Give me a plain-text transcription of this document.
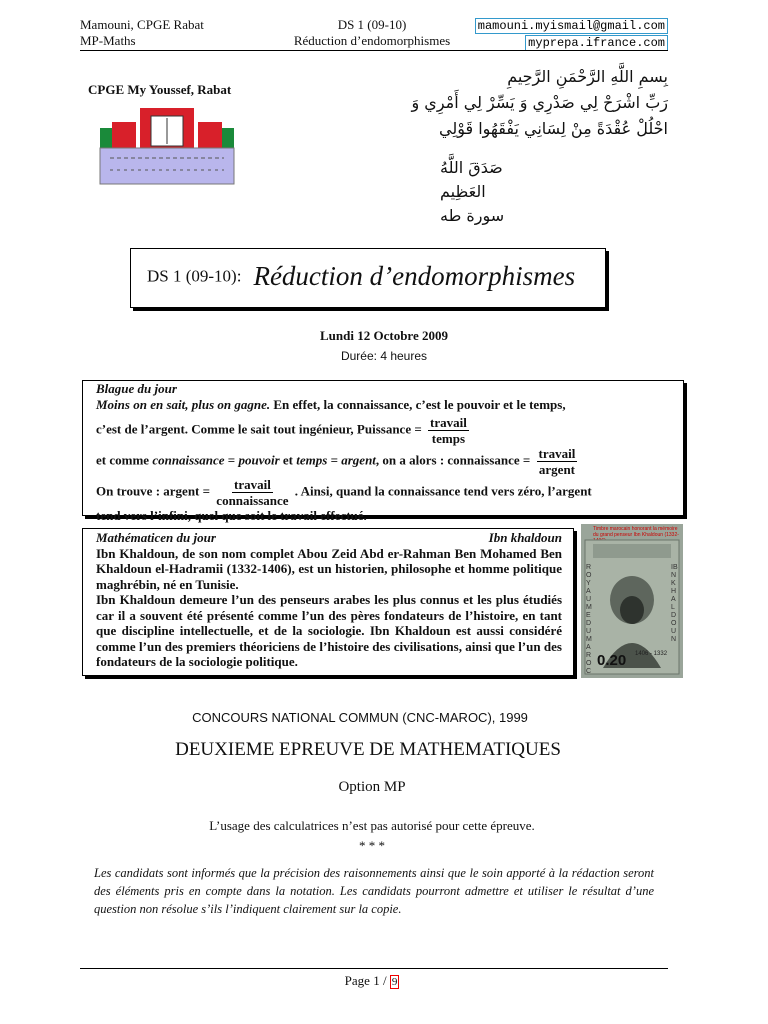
Mamouni, CPGE Rabat
MP-Maths
DS 1 (09-10)
Réduction d’endomorphismes
mamouni.myismail@gmail.com
myprepa.ifrance.com
CPGE My Youssef, Rabat
بِسمِ اللَّهِ الرَّحْمَنِ الرَّحِيمِ
رَبِّ اشْرَحْ لِي صَدْرِي وَ يَسِّرْ لِي أَمْرِي وَ
احْلُلْ عُقْدَةً مِنْ لِسَانِي يَفْقَهُوا قَوْلِي
صَدَقَ اللَّهُ العَظِيم
سورة طه
DS 1 (09-10): Réduction d’endomorphismes
Lundi 12 Octobre 2009
Durée: 4 heures
Blague du jour
Moins on en sait, plus on gagne. En effet, la connaissance, c’est le pouvoir et le temps,
c’est de l’argent. Comme le sait tout ingénieur, Puissance = $\frac{\text{travail}}{\text{temps}}$
et comme connaissance = pouvoir et temps = argent, on a alors : connaissance = $\frac{\text{travail}}{\text{argent}}$
On trouve : argent = $\frac{\text{travail}}{\text{connaissance}}$ . Ainsi, quand la connaissance tend vers zéro, l’argent
tend vers l’infini, quel que soit le travail effectué.
Mathématicen du jour	Ibn khaldoun
Ibn Khaldoun, de son nom complet Abou Zeid Abd er-Rahman Ben Mohamed Ben Khaldoun el-Hadramii (1332-1406), est un historien, philosophe et homme politique maghrébin, né en Tunisie.
Ibn Khaldoun demeure l’un des penseurs arabes les plus connus et les plus étudiés car il a souvent été présenté comme l’un des pères fondateurs de l’histoire, en tant que discipline intellectuelle, et de la sociologie. Ibn Khaldoun est aussi considéré comme l’un des premiers théoriciens de l’histoire des civilisations, ainsi que l’un des fondateurs de la sociologie politique.
Timbre marocain honorant la mémoire du grand penseur Ibn Khaldoun (1332-
ROYAUME DU MAROC
IBN KHALDOUN
0.20 1406 - 1332
CONCOURS NATIONAL COMMUN (CNC-MAROC), 1999
DEUXIEME EPREUVE DE MATHEMATIQUES
Option MP
L’usage des calculatrices n’est pas autorisé pour cette épreuve.
* * *
Les candidats sont informés que la précision des raisonnements ainsi que le soin apporté à la rédaction seront des éléments pris en compte dans la notation. Les candidats pourront admettre et utiliser le résultat d’une question non résolue s’ils l’indiquent clairement sur la copie.
Page 1 / 9
